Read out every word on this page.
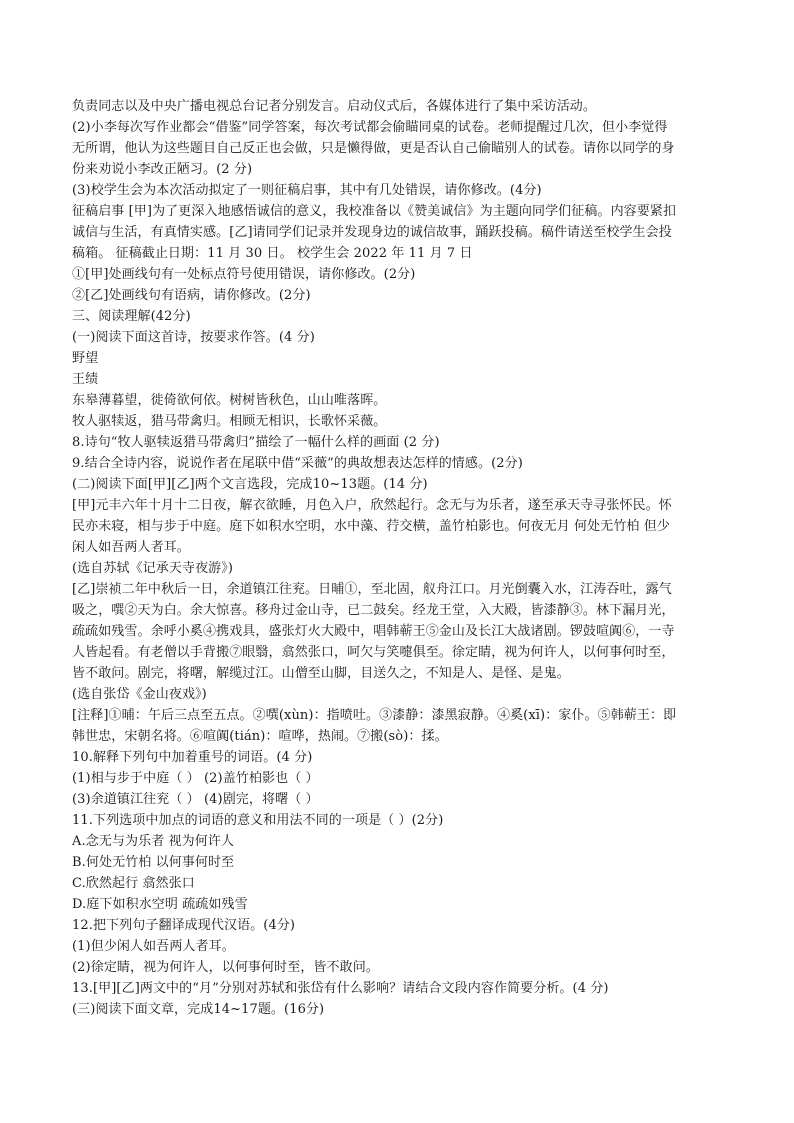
负责同志以及中央广播电视总台记者分别发言。启动仪式后，各媒体进行了集中采访活动。

(2)小李每次写作业都会“借鉴”同学答案，每次考试都会偷瞄同桌的试卷。老师提醒过几次，但小李觉得

无所谓，他认为这些题目自己反正也会做，只是懒得做，更是否认自己偷瞄别人的试卷。请你以同学的身

份来劝说小李改正陋习。(2 分)

(3)校学生会为本次活动拟定了一则征稿启事，其中有几处错误，请你修改。(4分)

征稿启事 [甲]为了更深入地感悟诚信的意义，我校准备以《赞美诚信》为主题向同学们征稿。内容要紧扣

诚信与生活，有真情实感。[乙]请同学们记录并发现身边的诚信故事，踊跃投稿。稿件请送至校学生会投

稿箱。 征稿截止日期：11 月 30 日。 校学生会 2022 年 11 月 7 日

①[甲]处画线句有一处标点符号使用错误，请你修改。(2分)

②[乙]处画线句有语病，请你修改。(2分)

三、阅读理解(42分)

(一)阅读下面这首诗，按要求作答。(4 分)

野望

王绩

东皋薄暮望，徙倚欲何依。树树皆秋色，山山唯落晖。

牧人驱犊返，猎马带禽归。相顾无相识，长歌怀采薇。

8.诗句“牧人驱犊返猎马带禽归”描绘了一幅什么样的画面 (2 分)

9.结合全诗内容，说说作者在尾联中借“采薇”的典故想表达怎样的情感。(2分)

(二)阅读下面[甲][乙]两个文言选段，完成10~13题。(14 分)

[甲]元丰六年十月十二日夜，解衣欲睡，月色入户，欣然起行。念无与为乐者，遂至承天寺寻张怀民。怀

民亦未寝，相与步于中庭。庭下如积水空明，水中藻、荇交横，盖竹柏影也。何夜无月 何处无竹柏 但少

闲人如吾两人者耳。

(选自苏轼《记承天寺夜游》)

[乙]崇祯二年中秋后一日，余道镇江往兖。日晡①，至北固，舣舟江口。月光倒囊入水，江涛吞吐，露气

吸之，噀②天为白。余大惊喜。移舟过金山寺，已二鼓矣。经龙王堂，入大殿，皆漆静③。林下漏月光，

疏疏如残雪。余呼小奚④携戏具，盛张灯火大殿中，唱韩蕲王⑤金山及长江大战诸剧。锣鼓喧阗⑥，一寺

人皆起看。有老僧以手背搬⑦眼翳，翕然张口，呵欠与笑嚏俱至。徐定睛，视为何许人，以何事何时至，

皆不敢问。剧完，将曙，解缆过江。山僧至山脚，目送久之，不知是人、是怪、是鬼。

(选自张岱《金山夜戏》)

[注释]①晡：午后三点至五点。②噀(xùn)：指喷吐。③漆静：漆黑寂静。④奚(xī)：家仆。⑤韩蕲王：即

韩世忠，宋朝名将。⑥喧阗(tián)：喧哗，热闹。⑦搬(sò)：揉。

10.解释下列句中加着重号的词语。(4 分)

(1)相与步于中庭（ ） (2)盖竹柏影也（ ）

(3)余道镇江往兖（ ） (4)剧完，将曙（ ）

11.下列选项中加点的词语的意义和用法不同的一项是（ ）(2分)

A.念无与为乐者 视为何许人

B.何处无竹柏 以何事何时至

C.欣然起行 翕然张口

D.庭下如积水空明 疏疏如残雪

12.把下列句子翻译成现代汉语。(4分)

(1)但少闲人如吾两人者耳。

(2)徐定睛，视为何许人，以何事何时至，皆不敢问。

13.[甲][乙]两文中的“月”分别对苏轼和张岱有什么影响？请结合文段内容作简要分析。(4 分)

(三)阅读下面文章，完成14~17题。(16分)
